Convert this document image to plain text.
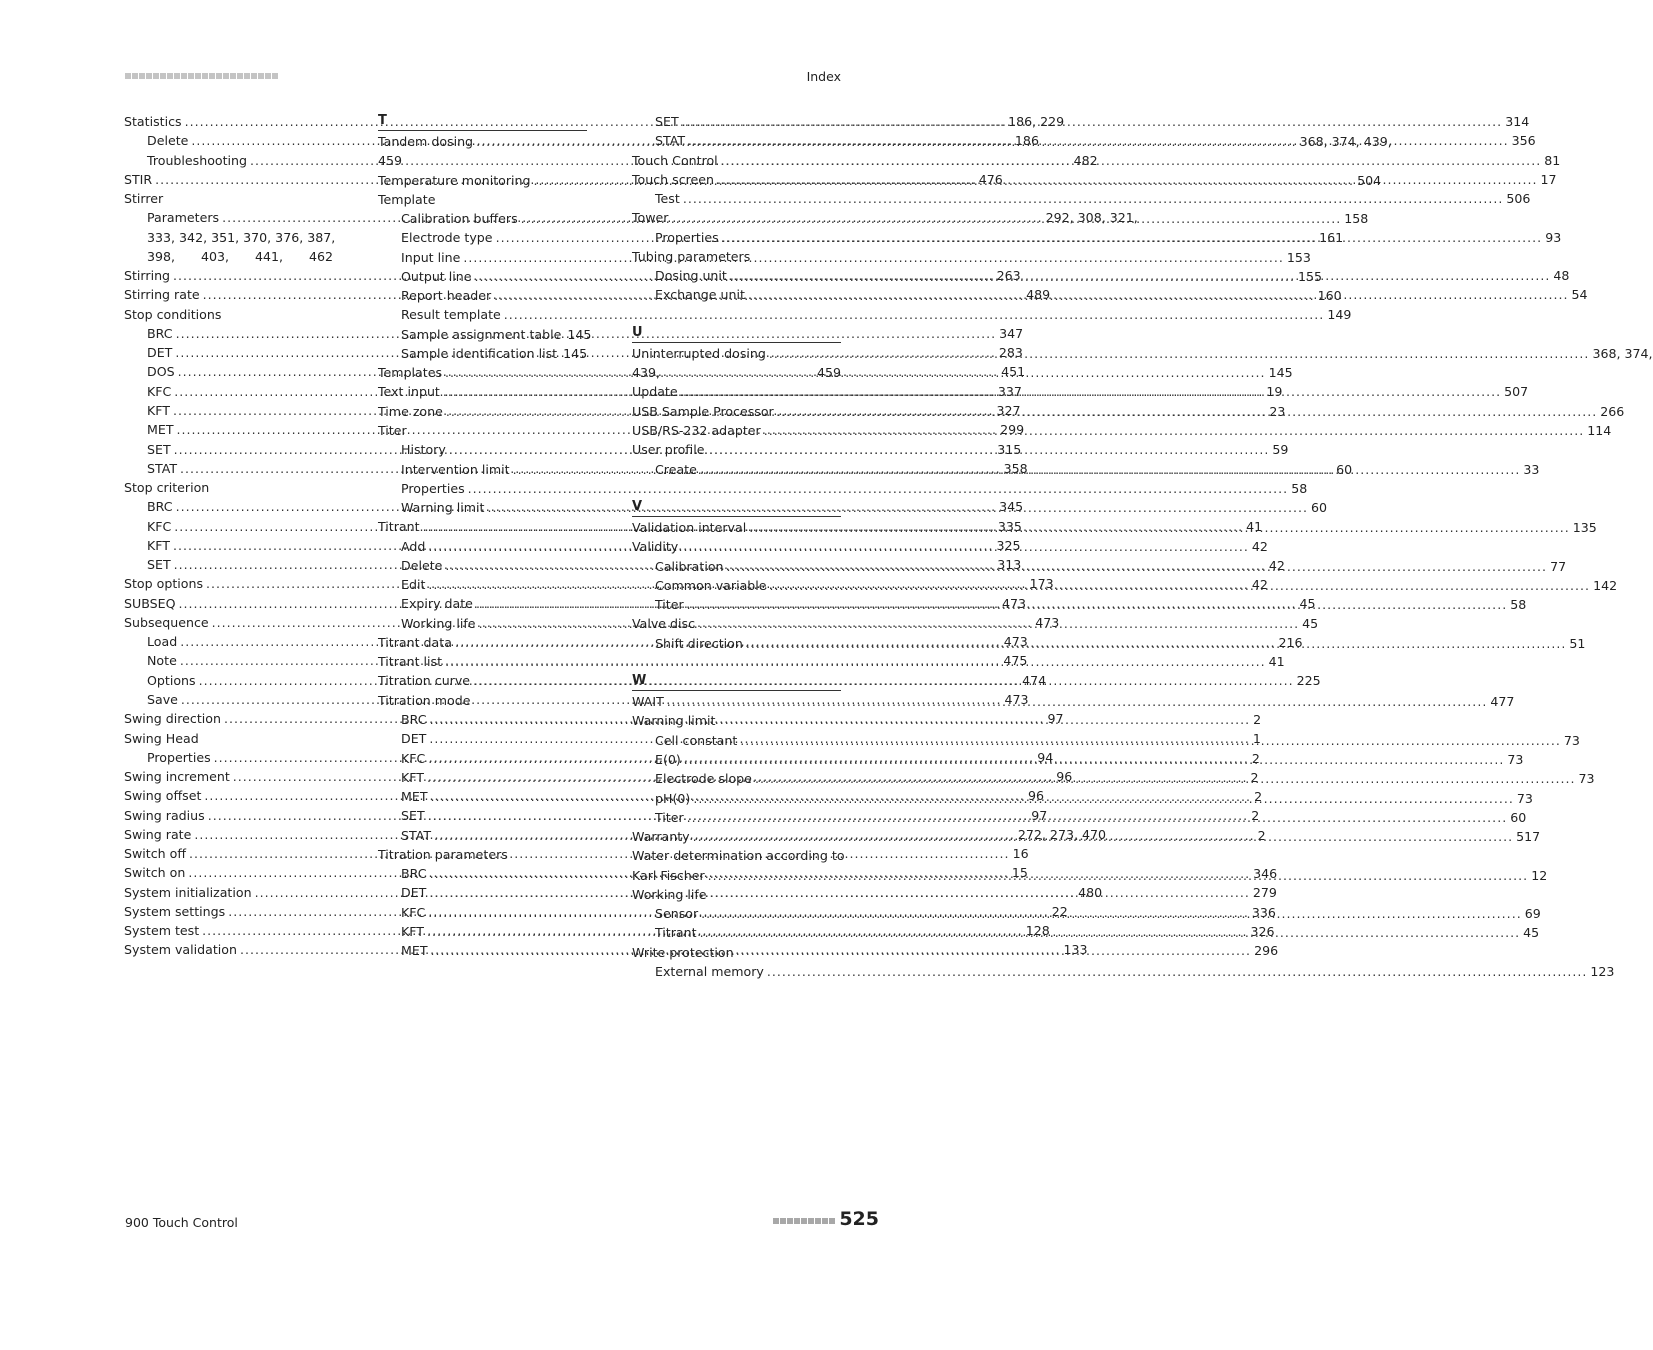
Index
Statistics .....	186, 229
Delete .....	186
Troubleshooting .....	482
STIR .....	476
Stirrer
Parameters .....	292, 308, 321,
333, 342, 351, 370, 376, 387,
398, 403, 441, 462
Stirring .....	263
Stirring rate .....	489
Stop conditions
BRC .....	347
DET .....	283
DOS .....	451
KFC .....	337
KFT .....	327
MET .....	299
SET .....	315
STAT .....	358
Stop criterion
BRC .....	345
KFC .....	335
KFT .....	325
SET .....	313
Stop options .....	173
SUBSEQ .....	473
Subsequence .....	473
Load .....	473
Note .....	475
Options .....	474
Save .....	473
Swing direction .....	97
Swing Head
Properties .....	94
Swing increment .....	96
Swing offset .....	96
Swing radius .....	97
Swing rate .....	272, 273, 470
Switch off .....	16
Switch on .....	15
System initialization .....	480
System settings .....	22
System test .....	128
System validation .....	133
T
Tandem dosing .....	368, 374, 439,
459
Temperature monitoring .....	504
Template
Calibration buffers .....	158
Electrode type .....	161
Input line .....	153
Output line .....	155
Report header .....	160
Result template .....	149
Sample assignment table 145
Sample identification list 145
Templates .....	145
Text input .....	19
Time zone .....	23
Titer
History .....	59
Intervention limit .....	60
Properties .....	58
Warning limit .....	60
Titrant .....	41
Add .....	42
Delete .....	42
Edit .....	42
Expiry date .....	45
Working life .....	45
Titrant data .....	216
Titrant list .....	41
Titration curve .....	225
Titration mode
BRC .....	2
DET .....	1
KFC .....	2
KFT .....	2
MET .....	2
SET .....	2
STAT .....	2
Titration parameters
BRC .....	346
DET .....	279
KFC .....	336
KFT .....	326
MET .....	296
SET .....	314
STAT .....	356
Touch Control .....	81
Touch screen .....	17
Test .....	506
Tower
Properties .....	93
Tubing parameters
Dosing unit .....	48
Exchange unit .....	54
U
Uninterrupted dosing .....	368, 374,
439,	459
Update .....	507
USB Sample Processor .....	266
USB/RS-232 adapter .....	114
User profile
Create .....	33
V
Validation interval .....	135
Validity
Calibration .....	77
Common variable .....	142
Titer .....	58
Valve disc
Shift direction .....	51
W
WAIT .....	477
Warning limit
Cell constant .....	73
E(0) .....	73
Electrode slope .....	73
pH(0) .....	73
Titer .....	60
Warranty .....	517
Water determination according to
Karl Fischer .....	12
Working life
Sensor .....	69
Titrant .....	45
Write protection
External memory .....	123
900 Touch Control	525
